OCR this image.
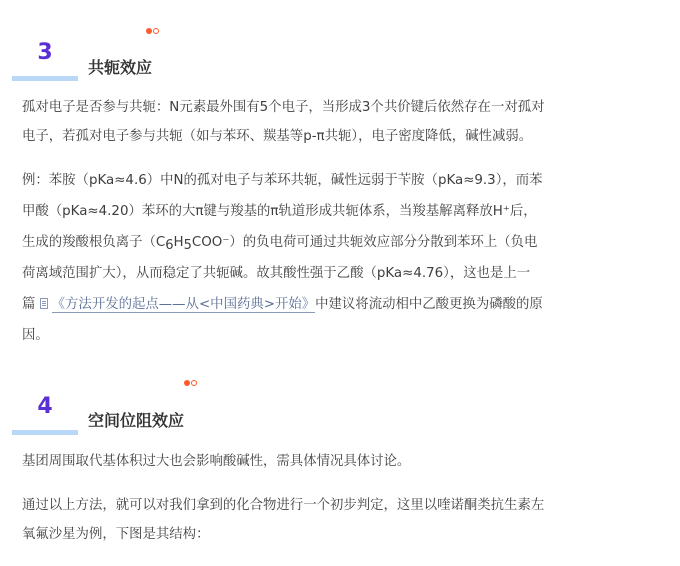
3
共轭效应

孤对电子是否参与共轭：N元素最外围有5个电子，当形成3个共价键后依然存在一对孤对
电子，若孤对电子参与共轭（如与苯环、羰基等p-π共轭），电子密度降低，碱性减弱。

例：苯胺（pKa≈4.6）中N的孤对电子与苯环共轭，碱性远弱于苄胺（pKa≈9.3），而苯
甲酸（pKa≈4.20）苯环的大π键与羧基的π轨道形成共轭体系，当羧基解离释放H⁺后，
生成的羧酸根负离子（C6H5COO⁻）的负电荷可通过共轭效应部分分散到苯环上（负电
荷离域范围扩大），从而稳定了共轭碱。故其酸性强于乙酸（pKa≈4.76），这也是上一
篇 《方法开发的起点——从<中国药典>开始》中建议将流动相中乙酸更换为磷酸的原
因。

4
空间位阻效应

基团周围取代基体积过大也会影响酸碱性，需具体情况具体讨论。

通过以上方法，就可以对我们拿到的化合物进行一个初步判定，这里以喹诺酮类抗生素左
氧氟沙星为例，下图是其结构：
